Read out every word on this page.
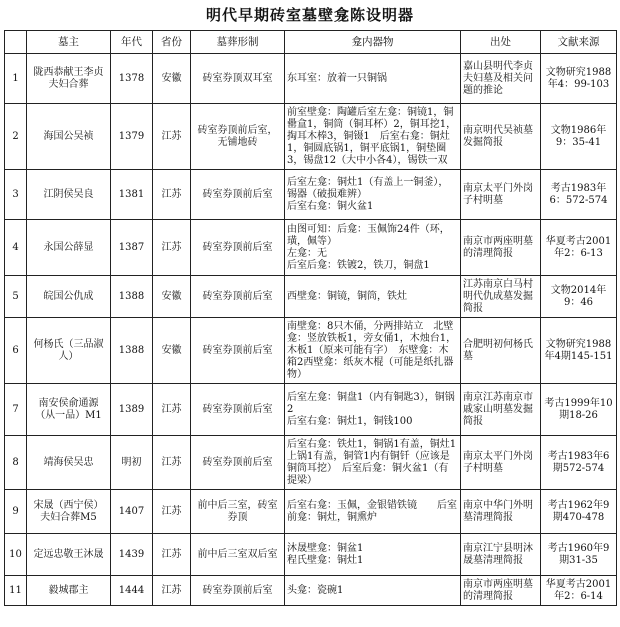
明代早期砖室墓壁龛陈设明器
	墓主	年代	省份	墓葬形制	龛内器物	出处	文献来源
1	陇西恭献王李贞夫妇合葬	1378	安徽	砖室券顶双耳室	东耳室：放着一只铜锅	嘉山县明代李贞夫妇墓及相关问题的推论	文物研究1988年4：99-103
2	海国公吴祯	1379	江苏	砖室券顶前后室，无铺地砖	前室壁龛：陶罐后室左龛：铜镜1，铜罍盒1，铜筒（铜耳杯）2，铜耳挖1，掏耳木棒3，铜镊1　后室右龛：铜灶1，铜圆底锅1，铜平底锅1，铜垫圈3，锡盘12（大中小各4），锡铁一双	南京明代吴祯墓发掘简报	文物1986年9：35-41
3	江阴侯吴良	1381	江苏	砖室券顶前后室	后室左龛：铜灶1（有盖上一铜釜），锡器（破损难辨）
后室右龛：铜火盆1	南京太平门外岗子村明墓	考古1983年6：572-574
4	永国公薛显	1387	江苏	砖室券顶前后室	由图可知：后龛：玉佩饰24件（环，璜，佩等）
左龛：无
后室后龛：铁镀2，铁刀，铜盘1	南京市两座明墓的清理简报	华夏考古2001年2：6-13
5	皖国公仇成	1388	安徽	砖室券顶前后室	西壁龛：铜镜，铜筒，铁灶	江苏南京白马村明代仇成墓发掘简报	文物2014年9：46
6	何杨氏（三品淑人）	1388	安徽	砖室券顶前后室	南壁龛：8只木俑，分两排站立　北壁龛：竖放铁板1，旁女俑1，木烛台1，木板1（原来可能有字）　东壁龛：木箱2西壁龛：纸灰木棍（可能是纸扎器物）	合肥明初何杨氏墓	文物研究1988年4期145-151
7	南安侯俞通源（从一品）M1	1389	江苏	砖室券顶前后室	后室左龛：铜盘1（内有铜匙3），铜锅2
后室右龛：铜灶1，铜钱100	南京江苏南京市戚家山明墓发掘简报	考古1999年10期18-26
8	靖海侯吴忠	明初	江苏	砖室券顶前后室	后室右龛：铁灶1，铜锅1有盖，铜灶1上锅1有盖，铜管1内有铜钎（应该是铜筒耳挖）　后室后龛：铜火盆1（有提梁）	南京太平门外岗子村明墓	考古1983年6期572-574
9	宋晟（西宁侯）夫妇合葬M5	1407	江苏	前中后三室，砖室券顶	后室右龛：玉佩，金银错铁镜　　后室前龛：铜灶，铜熏炉	南京中华门外明墓清理简报	考古1962年9期470-478
10	定远忠敬王沐晟	1439	江苏	前中后三室双后室	沐晟壁龛：铜盆1
程氏壁龛：铜灶1	南京江宁县明沐晟墓清理简报	考古1960年9期31-35
11	毅城郡主	1444	江苏	砖室券顶前后室	头龛：瓷碗1	南京市两座明墓的清理简报	华夏考古2001年2：6-14
